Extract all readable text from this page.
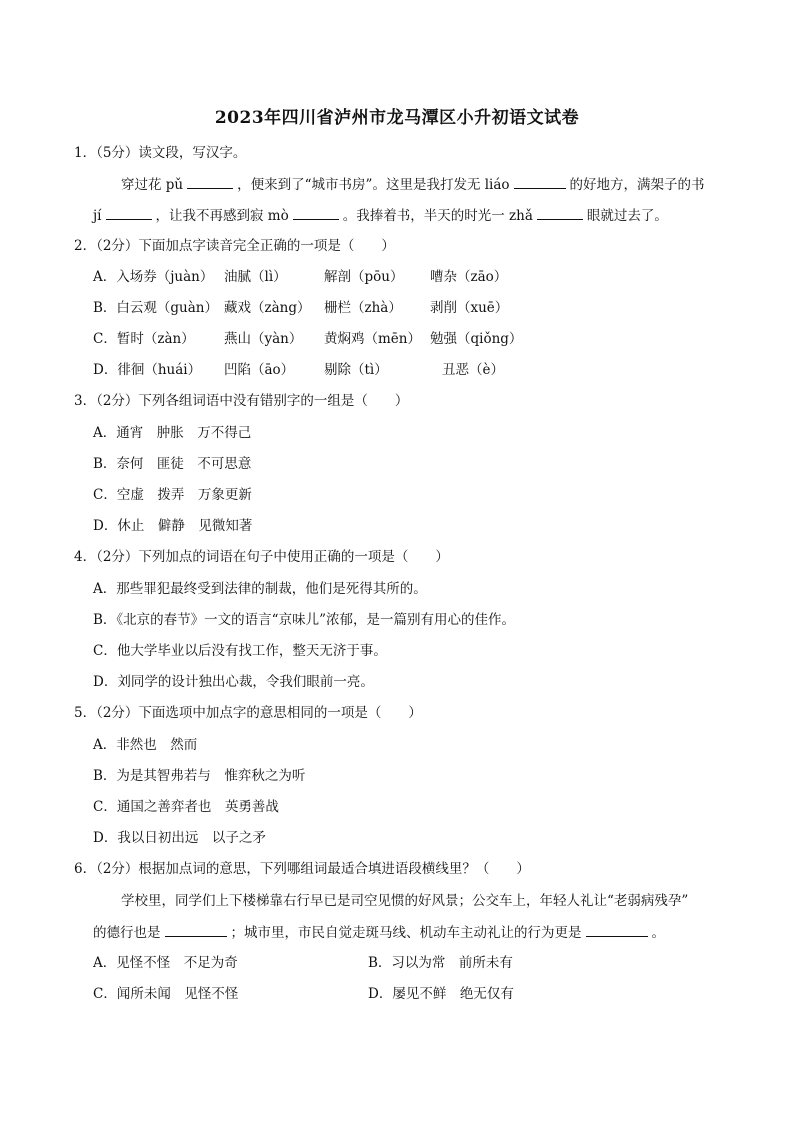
2023年四川省泸州市龙马潭区小升初语文试卷
1．（5分）读文段，写汉字。
穿过花 pǔ	，便来到了“城市书房”。这里是我打发无 liáo	的好地方，满架子的书
jí	，让我不再感到寂 mò	。我捧着书，半天的时光一 zhǎ	眼就过去了。
2．（2分）下面加点字读音完全正确的一项是（　　）
A．入场券（juàn） 油腻（lì）	解剖（pōu） 嘈杂（zāo）
B．白云观（guàn） 藏戏（zàng） 栅栏（zhà） 剥削（xuē）
C．暂时（zàn） 燕山（yàn） 黄焖鸡（mēn） 勉强（qiǒng）
D．徘徊（huái） 凹陷（āo） 剔除（tì）	丑恶（è）
3．（2分）下列各组词语中没有错别字的一组是（　　）
A．通宵　肿胀　万不得己
B．奈何　匪徒　不可思意
C．空虚　拨弄　万象更新
D．休止　僻静　见微知著
4．（2分）下列加点的词语在句子中使用正确的一项是（　　）
A．那些罪犯最终受到法律的制裁，他们是死得其所的。
B．《北京的春节》一文的语言“京味儿”浓郁，是一篇别有用心的佳作。
C．他大学毕业以后没有找工作，整天无济于事。
D．刘同学的设计独出心裁，令我们眼前一亮。
5．（2分）下面选项中加点字的意思相同的一项是（　　）
A．非然也　然而
B．为是其智弗若与　惟弈秋之为听
C．通国之善弈者也　英勇善战
D．我以日初出远　以子之矛
6．（2分）根据加点词的意思，下列哪组词最适合填进语段横线里？（　　）
学校里，同学们上下楼梯靠右行早已是司空见惯的好风景；公交车上，年轻人礼让“老弱病残孕”
的德行也是	；城市里，市民自觉走斑马线、机动车主动礼让的行为更是	。
A．见怪不怪　不足为奇	B．习以为常　前所未有
C．闻所未闻　见怪不怪	D．屡见不鲜　绝无仅有
